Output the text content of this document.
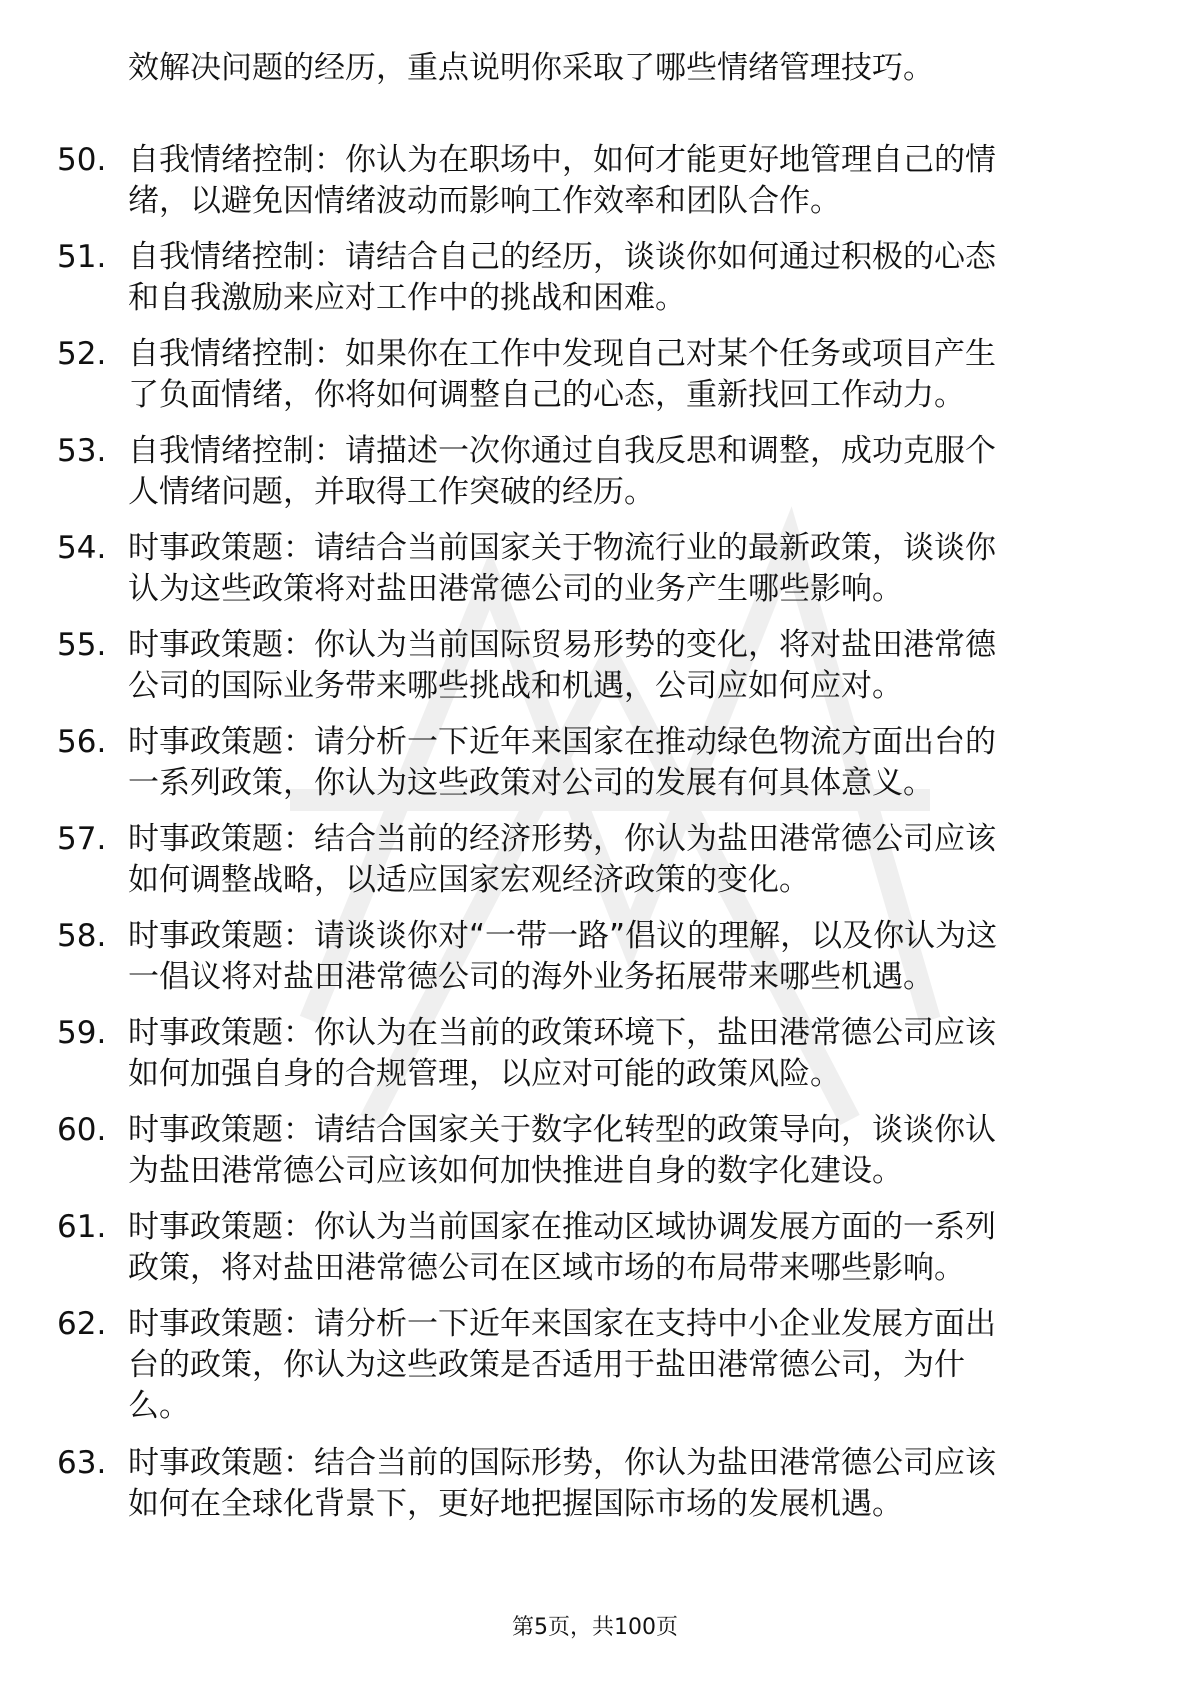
效解决问题的经历，重点说明你采取了哪些情绪管理技巧。
50. 自我情绪控制：你认为在职场中，如何才能更好地管理自己的情
绪，以避免因情绪波动而影响工作效率和团队合作。
51. 自我情绪控制：请结合自己的经历，谈谈你如何通过积极的心态
和自我激励来应对工作中的挑战和困难。
52. 自我情绪控制：如果你在工作中发现自己对某个任务或项目产生
了负面情绪，你将如何调整自己的心态，重新找回工作动力。
53. 自我情绪控制：请描述一次你通过自我反思和调整，成功克服个
人情绪问题，并取得工作突破的经历。
54. 时事政策题：请结合当前国家关于物流行业的最新政策，谈谈你
认为这些政策将对盐田港常德公司的业务产生哪些影响。
55. 时事政策题：你认为当前国际贸易形势的变化，将对盐田港常德
公司的国际业务带来哪些挑战和机遇，公司应如何应对。
56. 时事政策题：请分析一下近年来国家在推动绿色物流方面出台的
一系列政策，你认为这些政策对公司的发展有何具体意义。
57. 时事政策题：结合当前的经济形势，你认为盐田港常德公司应该
如何调整战略，以适应国家宏观经济政策的变化。
58. 时事政策题：请谈谈你对“一带一路”倡议的理解，以及你认为这
一倡议将对盐田港常德公司的海外业务拓展带来哪些机遇。
59. 时事政策题：你认为在当前的政策环境下，盐田港常德公司应该
如何加强自身的合规管理，以应对可能的政策风险。
60. 时事政策题：请结合国家关于数字化转型的政策导向，谈谈你认
为盐田港常德公司应该如何加快推进自身的数字化建设。
61. 时事政策题：你认为当前国家在推动区域协调发展方面的一系列
政策，将对盐田港常德公司在区域市场的布局带来哪些影响。
62. 时事政策题：请分析一下近年来国家在支持中小企业发展方面出
台的政策，你认为这些政策是否适用于盐田港常德公司，为什
么。
63. 时事政策题：结合当前的国际形势，你认为盐田港常德公司应该
如何在全球化背景下，更好地把握国际市场的发展机遇。
第5页，共100页
